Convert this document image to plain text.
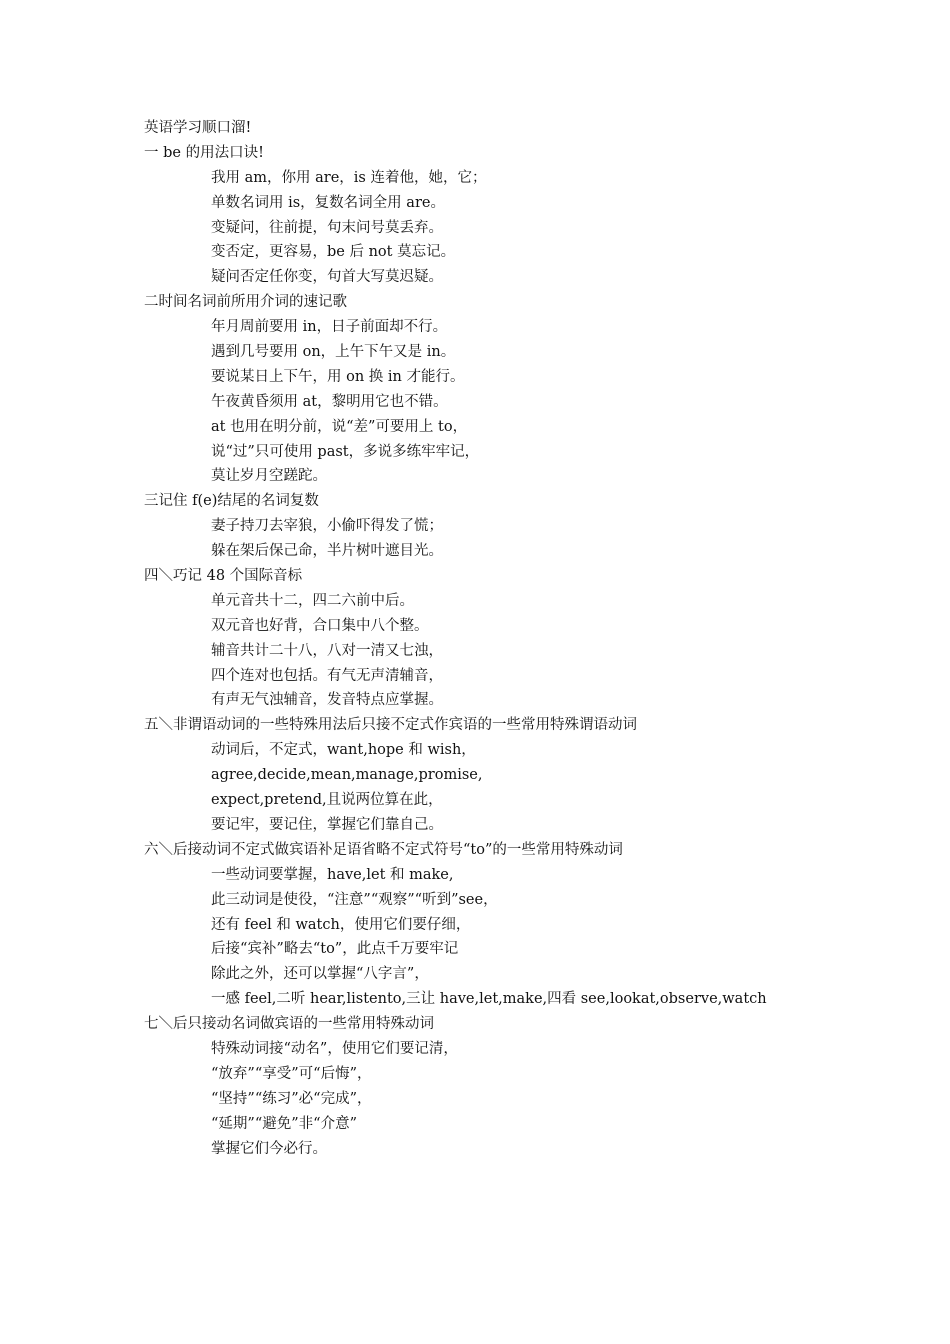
英语学习顺口溜!
一 be 的用法口诀!
我用 am，你用 are，is 连着他，她，它；
单数名词用 is，复数名词全用 are。
变疑问，往前提，句末问号莫丢弃。
变否定，更容易，be 后 not 莫忘记。
疑问否定任你变，句首大写莫迟疑。
二时间名词前所用介词的速记歌
年月周前要用 in，日子前面却不行。
遇到几号要用 on，上午下午又是 in。
要说某日上下午，用 on 换 in 才能行。
午夜黄昏须用 at，黎明用它也不错。
at 也用在明分前，说“差”可要用上 to，
说“过”只可使用 past，多说多练牢牢记，
莫让岁月空蹉跎。
三记住 f(e)结尾的名词复数
妻子持刀去宰狼，小偷吓得发了慌；
躲在架后保己命，半片树叶遮目光。
四＼巧记 48 个国际音标
单元音共十二，四二六前中后。
双元音也好背，合口集中八个整。
辅音共计二十八，八对一清又七浊，
四个连对也包括。有气无声清辅音，
有声无气浊辅音，发音特点应掌握。
五＼非谓语动词的一些特殊用法后只接不定式作宾语的一些常用特殊谓语动词
动词后，不定式，want,hope 和 wish，
agree,decide,mean,manage,promise,
expect,pretend,且说两位算在此，
要记牢，要记住，掌握它们靠自己。
六＼后接动词不定式做宾语补足语省略不定式符号“to”的一些常用特殊动词
一些动词要掌握，have,let 和 make,
此三动词是使役，“注意”“观察”“听到”see，
还有 feel 和 watch，使用它们要仔细，
后接“宾补”略去“to”，此点千万要牢记
除此之外，还可以掌握“八字言”，
一感 feel,二听 hear,listento,三让 have,let,make,四看 see,lookat,observe,watch
七＼后只接动名词做宾语的一些常用特殊动词
特殊动词接“动名”，使用它们要记清，
“放弃”“享受”可“后悔”，
“坚持”“练习”必“完成”，
“延期”“避免”非“介意”
掌握它们今必行。
